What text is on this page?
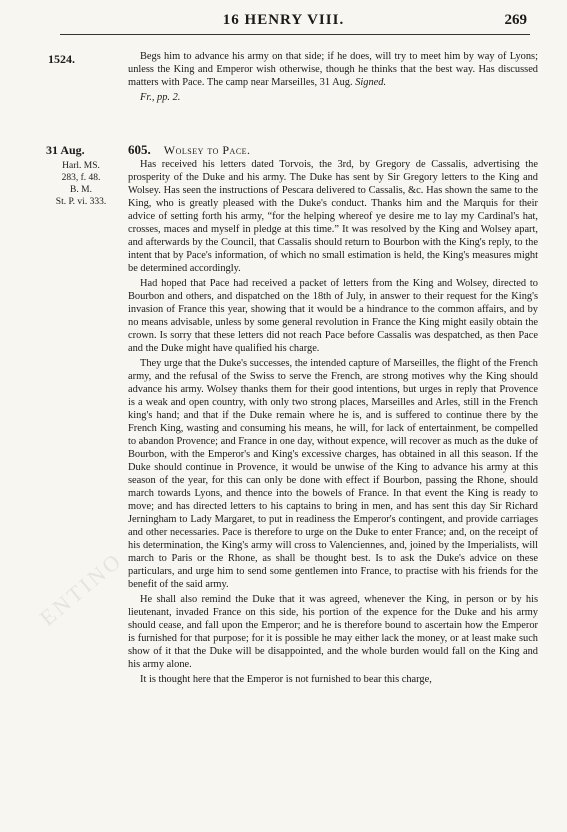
16 HENRY VIII.	269
1524.	Begs him to advance his army on that side; if he does, will try to meet him by way of Lyons; unless the King and Emperor wish otherwise, though he thinks that the best way. Has discussed matters with Pace. The camp near Marseilles, 31 Aug. Signed.

Fr., pp. 2.

31 Aug.
Harl. MS.
283, f. 48.
B. M.
St. P. vi. 333.
605. Wolsey to Pace.

Has received his letters dated Torvois, the 3rd, by Gregory de Cassalis, advertising the prosperity of the Duke and his army. The Duke has sent by Sir Gregory letters to the King and Wolsey. Has seen the instructions of Pescara delivered to Cassalis, &c. Has shown the same to the King, who is greatly pleased with the Duke's conduct. Thanks him and the Marquis for their advice of setting forth his army, “for the helping whereof ye desire me to lay my Cardinal's hat, crosses, maces and myself in pledge at this time.” It was resolved by the King and Wolsey apart, and afterwards by the Council, that Cassalis should return to Bourbon with the King's reply, to the intent that by Pace's information, of which no small estimation is held, the King's measures might be determined accordingly.

Had hoped that Pace had received a packet of letters from the King and Wolsey, directed to Bourbon and others, and dispatched on the 18th of July, in answer to their request for the King's invasion of France this year, showing that it would be a hindrance to the common affairs, and by no means advisable, unless by some general revolution in France the King might easily obtain the crown. Is sorry that these letters did not reach Pace before Cassalis was despatched, as then Pace and the Duke might have qualified his charge.

They urge that the Duke's successes, the intended capture of Marseilles, the flight of the French army, and the refusal of the Swiss to serve the French, are strong motives why the King should advance his army. Wolsey thanks them for their good intentions, but urges in reply that Provence is a weak and open country, with only two strong places, Marseilles and Arles, still in the French king's hand; and that if the Duke remain where he is, and is suffered to continue there by the French King, wasting and consuming his means, he will, for lack of entertainment, be compelled to abandon Provence; and France in one day, without expence, will recover as much as the duke of Bourbon, with the Emperor's and King's excessive charges, has obtained in all this season. If the Duke should continue in Provence, it would be unwise of the King to advance his army at this season of the year, for this can only be done with effect if Bourbon, passing the Rhone, should march towards Lyons, and thence into the bowels of France. In that event the King is ready to move; and has directed letters to his captains to bring in men, and has sent this day Sir Richard Jerningham to Lady Margaret, to put in readiness the Emperor's contingent, and provide carriages and other necessaries. Pace is therefore to urge on the Duke to enter France; and, on the receipt of his determination, the King's army will cross to Valenciennes, and, joined by the Imperialists, will march to Paris or the Rhone, as shall be thought best. Is to ask the Duke's advice on these particulars, and urge him to send some gentlemen into France, to practise with his friends for the benefit of the said army.

He shall also remind the Duke that it was agreed, whenever the King, in person or by his lieutenant, invaded France on this side, his portion of the expence for the Duke and his army should cease, and fall upon the Emperor; and he is therefore bound to ascertain how the Emperor is furnished for that purpose; for it is possible he may either lack the money, or at least make such show of it that the Duke will be disappointed, and the whole burden would fall on the King and his army alone.

It is thought here that the Emperor is not furnished to bear this charge,

ENTINO
